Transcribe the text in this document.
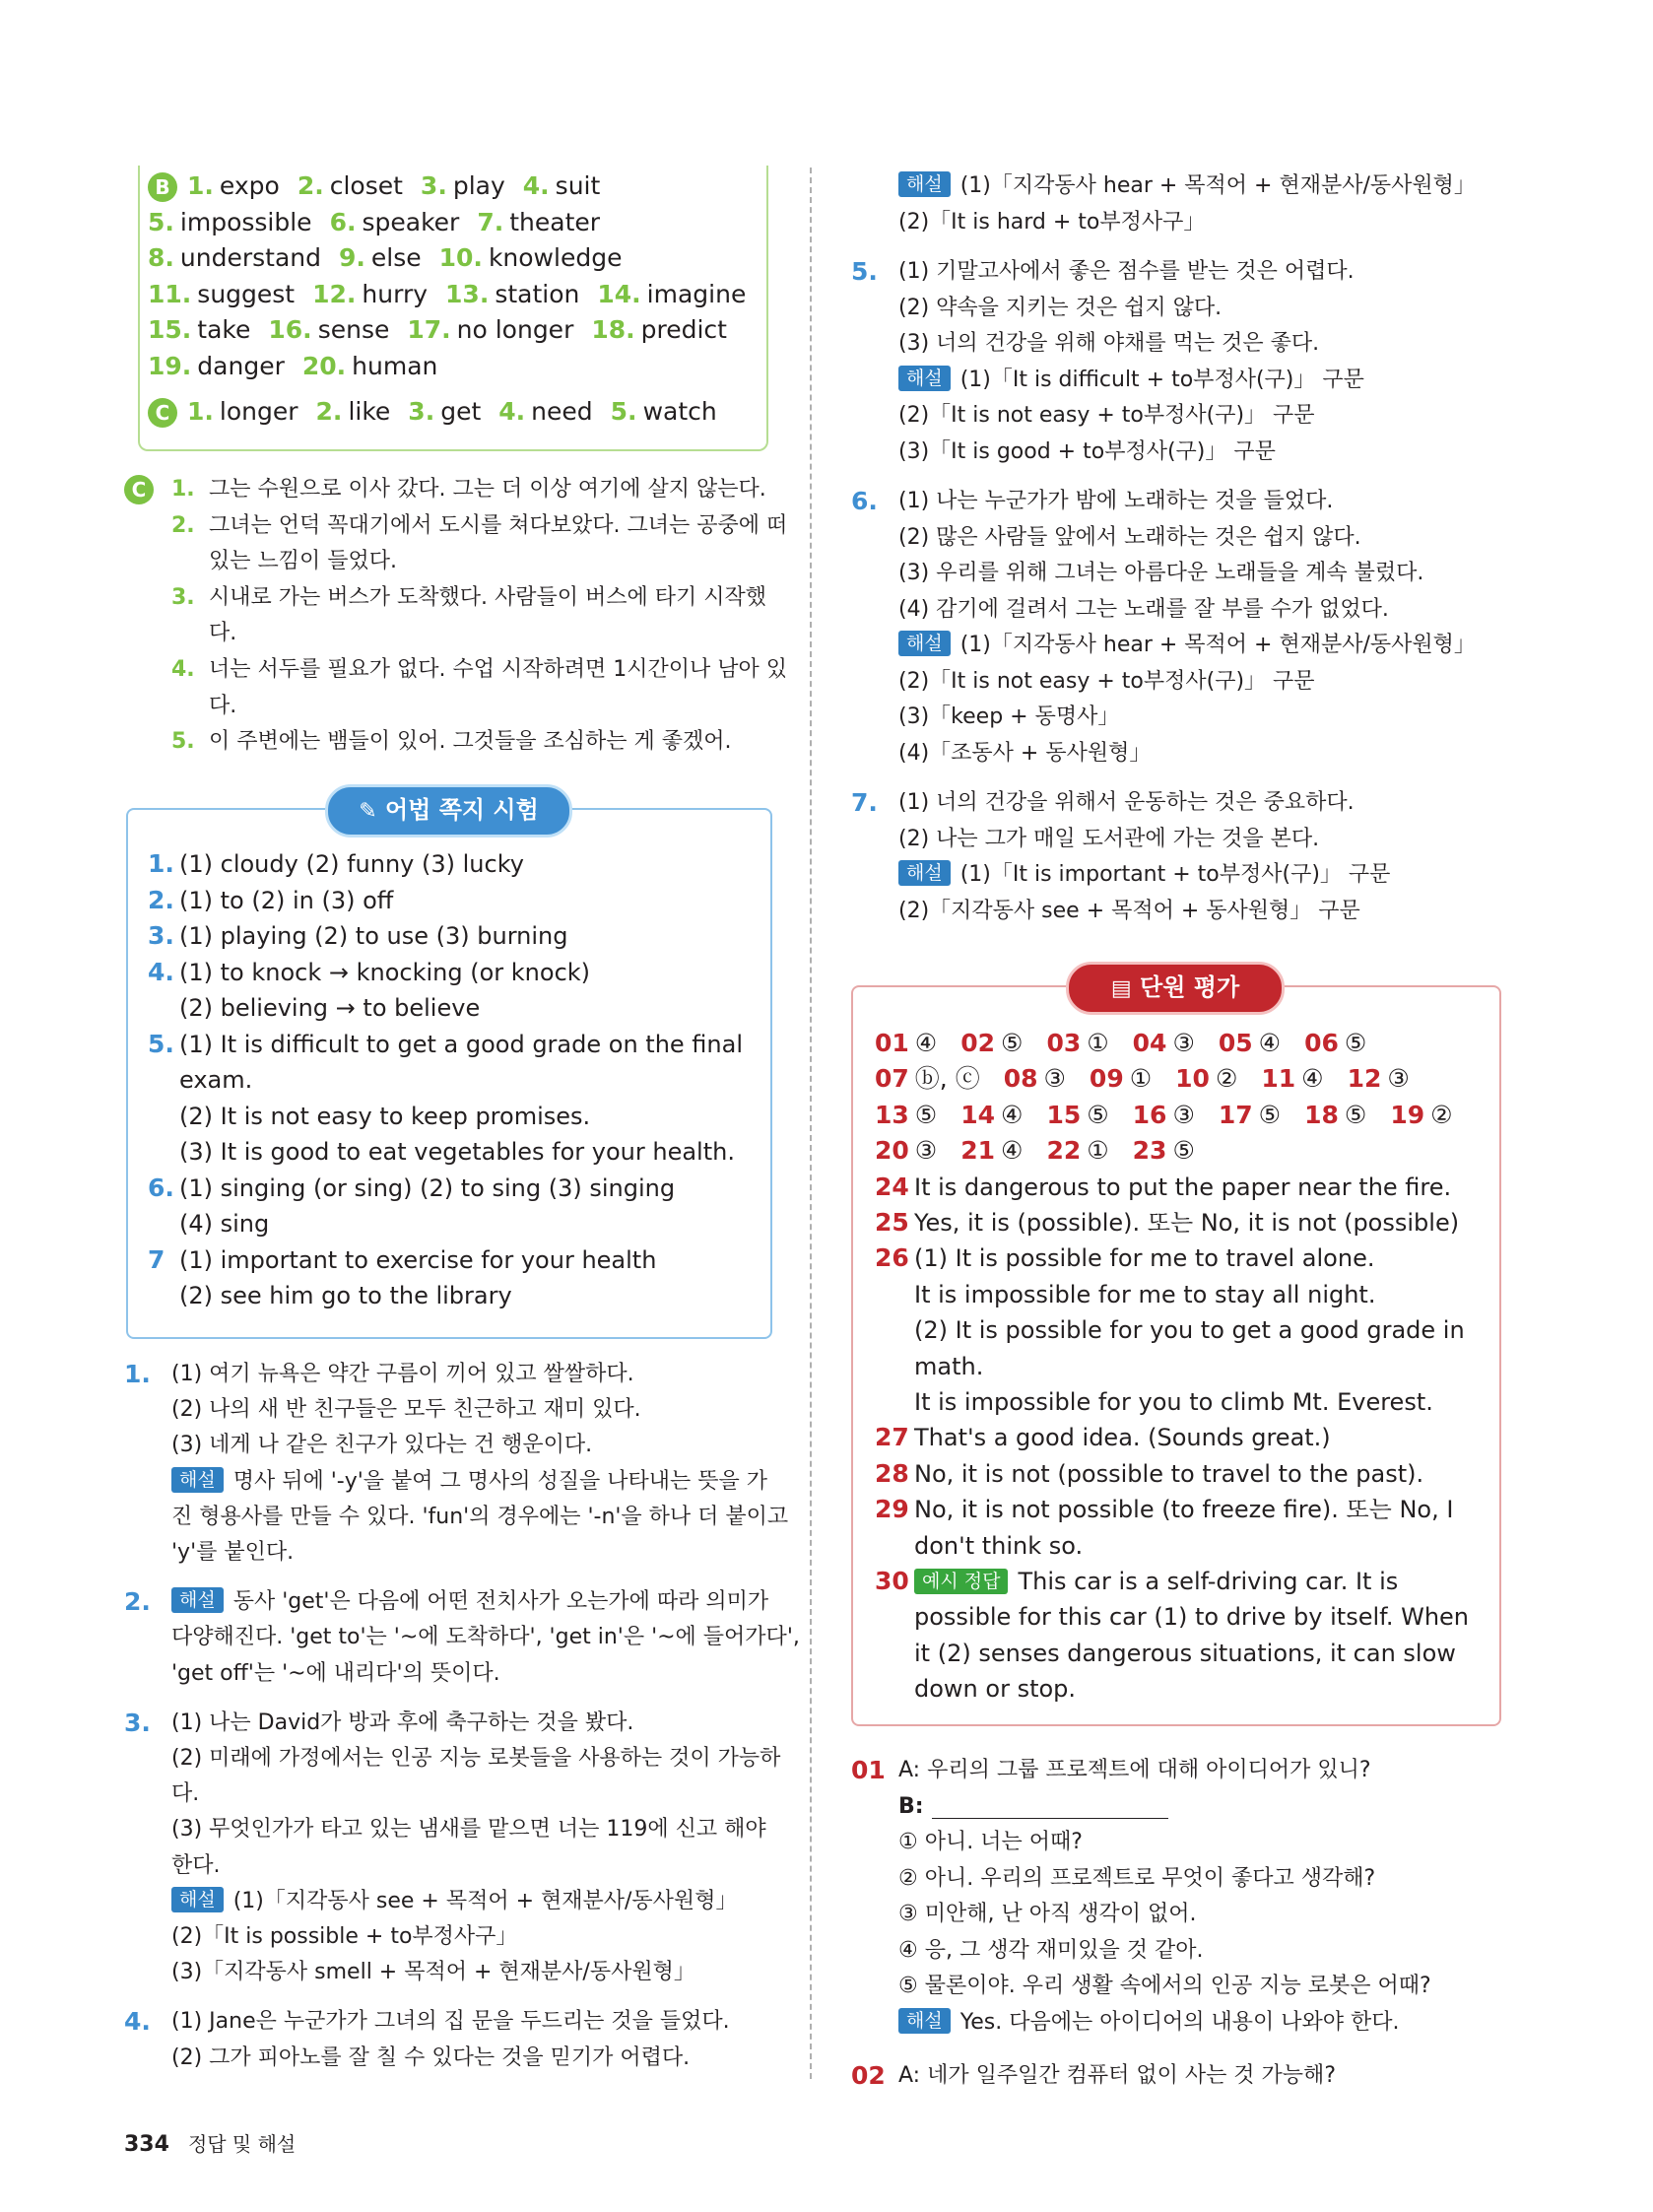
B 1. expo 2. closet 3. play 4. suit
5. impossible 6. speaker 7. theater
8. understand 9. else 10. knowledge
11. suggest 12. hurry 13. station 14. imagine
15. take 16. sense 17. no longer 18. predict
19. danger 20. human
C 1. longer 2. like 3. get 4. need 5. watch
C	1. 그는 수원으로 이사 갔다. 그는 더 이상 여기에 살지 않는다.
2. 그녀는 언덕 꼭대기에서 도시를 쳐다보았다. 그녀는 공중에 떠
있는 느낌이 들었다.
3. 시내로 가는 버스가 도착했다. 사람들이 버스에 타기 시작했
다.
4. 너는 서두를 필요가 없다. 수업 시작하려면 1시간이나 남아 있
다.
5. 이 주변에는 뱀들이 있어. 그것들을 조심하는 게 좋겠어.
✎ 어법 쪽지 시험
1. (1) cloudy (2) funny (3) lucky
2. (1) to (2) in (3) off
3. (1) playing (2) to use (3) burning
4. (1) to knock → knocking (or knock)
(2) believing → to believe
5. (1) It is difficult to get a good grade on the final
exam.
(2) It is not easy to keep promises.
(3) It is good to eat vegetables for your health.
6. (1) singing (or sing) (2) to sing (3) singing
(4) sing
7 (1) important to exercise for your health
(2) see him go to the library
1. (1) 여기 뉴욕은 약간 구름이 끼어 있고 쌀쌀하다.
(2) 나의 새 반 친구들은 모두 친근하고 재미 있다.
(3) 네게 나 같은 친구가 있다는 건 행운이다.
해설 명사 뒤에 '-y'을 붙여 그 명사의 성질을 나타내는 뜻을 가
진 형용사를 만들 수 있다. 'fun'의 경우에는 '-n'을 하나 더 붙이고
'y'를 붙인다.
2.	해설 동사 'get'은 다음에 어떤 전치사가 오는가에 따라 의미가
다양해진다. 'get to'는 '~에 도착하다', 'get in'은 '~에 들어가다',
'get off'는 '~에 내리다'의 뜻이다.
3. (1) 나는 David가 방과 후에 축구하는 것을 봤다.
(2) 미래에 가정에서는 인공 지능 로봇들을 사용하는 것이 가능하
다.
(3) 무엇인가가 타고 있는 냄새를 맡으면 너는 119에 신고 해야
한다.
해설 (1)「지각동사 see + 목적어 + 현재분사/동사원형」
(2)「It is possible + to부정사구」
(3)「지각동사 smell + 목적어 + 현재분사/동사원형」
4. (1) Jane은 누군가가 그녀의 집 문을 두드리는 것을 들었다.
(2) 그가 피아노를 잘 칠 수 있다는 것을 믿기가 어렵다.
334 정답 및 해설
해설 (1)「지각동사 hear + 목적어 + 현재분사/동사원형」
(2)「It is hard + to부정사구」
5. (1) 기말고사에서 좋은 점수를 받는 것은 어렵다.
(2) 약속을 지키는 것은 쉽지 않다.
(3) 너의 건강을 위해 야채를 먹는 것은 좋다.
해설 (1)「It is difficult + to부정사(구)」 구문
(2)「It is not easy + to부정사(구)」 구문
(3)「It is good + to부정사(구)」 구문
6. (1) 나는 누군가가 밤에 노래하는 것을 들었다.
(2) 많은 사람들 앞에서 노래하는 것은 쉽지 않다.
(3) 우리를 위해 그녀는 아름다운 노래들을 계속 불렀다.
(4) 감기에 걸려서 그는 노래를 잘 부를 수가 없었다.
해설 (1)「지각동사 hear + 목적어 + 현재분사/동사원형」
(2)「It is not easy + to부정사(구)」 구문
(3)「keep + 동명사」
(4)「조동사 + 동사원형」
7. (1) 너의 건강을 위해서 운동하는 것은 중요하다.
(2) 나는 그가 매일 도서관에 가는 것을 본다.
해설 (1)「It is important + to부정사(구)」 구문
(2)「지각동사 see + 목적어 + 동사원형」 구문
▤ 단원 평가
01 ④ 02 ⑤ 03 ① 04 ③ 05 ④ 06 ⑤
07 ⓑ, ⓒ 08 ③ 09 ① 10 ② 11 ④ 12 ③
13 ⑤ 14 ④ 15 ⑤ 16 ③ 17 ⑤ 18 ⑤ 19 ②
20 ③ 21 ④ 22 ① 23 ⑤
24 It is dangerous to put the paper near the fire.
25 Yes, it is (possible). 또는 No, it is not (possible)
26 (1) It is possible for me to travel alone.
It is impossible for me to stay all night.
(2) It is possible for you to get a good grade in
math.
It is impossible for you to climb Mt. Everest.
27 That's a good idea. (Sounds great.)
28 No, it is not (possible to travel to the past).
29 No, it is not possible (to freeze fire). 또는 No, I
don't think so.
30 예시 정답 This car is a self-driving car. It is
possible for this car (1) to drive by itself. When
it (2) senses dangerous situations, it can slow
down or stop.
01 A: 우리의 그룹 프로젝트에 대해 아이디어가 있니?
B:
① 아니. 너는 어때?
② 아니. 우리의 프로젝트로 무엇이 좋다고 생각해?
③ 미안해, 난 아직 생각이 없어.
④ 응, 그 생각 재미있을 것 같아.
⑤ 물론이야. 우리 생활 속에서의 인공 지능 로봇은 어때?
해설 Yes. 다음에는 아이디어의 내용이 나와야 한다.
02 A: 네가 일주일간 컴퓨터 없이 사는 것 가능해?
